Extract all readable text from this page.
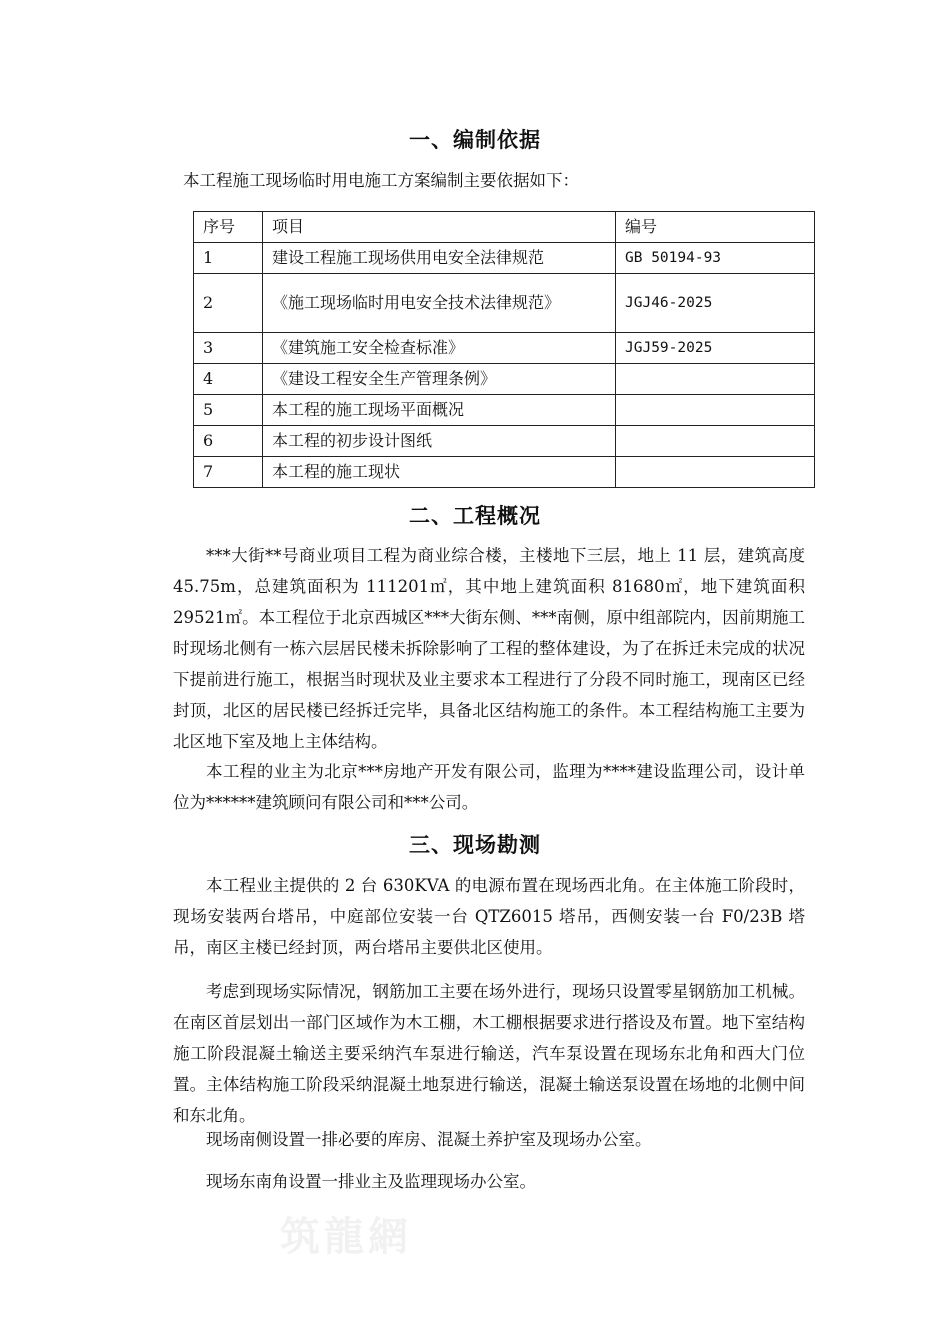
一、编制依据

本工程施工现场临时用电施工方案编制主要依据如下：

序号	项目	编号
1	建设工程施工现场供用电安全法律规范	GB 50194-93
2	《施工现场临时用电安全技术法律规范》	JGJ46-2025
3	《建筑施工安全检查标准》	JGJ59-2025
4	《建设工程安全生产管理条例》	
5	本工程的施工现场平面概况	
6	本工程的初步设计图纸	
7	本工程的施工现状	
二、工程概况

***大街**号商业项目工程为商业综合楼，主楼地下三层，地上 11 层，建筑高度 45.75m，总建筑面积为 111201㎡，其中地上建筑面积 81680㎡，地下建筑面积 29521㎡。本工程位于北京西城区***大街东侧、***南侧，原中组部院内，因前期施工时现场北侧有一栋六层居民楼未拆除影响了工程的整体建设，为了在拆迁未完成的状况下提前进行施工，根据当时现状及业主要求本工程进行了分段不同时施工，现南区已经封顶，北区的居民楼已经拆迁完毕，具备北区结构施工的条件。本工程结构施工主要为北区地下室及地上主体结构。

本工程的业主为北京***房地产开发有限公司，监理为****建设监理公司，设计单位为******建筑顾问有限公司和***公司。

三、现场勘测

本工程业主提供的 2 台 630KVA 的电源布置在现场西北角。在主体施工阶段时，现场安装两台塔吊，中庭部位安装一台 QTZ6015 塔吊，西侧安装一台 F0/23B 塔吊，南区主楼已经封顶，两台塔吊主要供北区使用。

考虑到现场实际情况，钢筋加工主要在场外进行，现场只设置零星钢筋加工机械。在南区首层划出一部门区域作为木工棚，木工棚根据要求进行搭设及布置。地下室结构施工阶段混凝土输送主要采纳汽车泵进行输送，汽车泵设置在现场东北角和西大门位置。主体结构施工阶段采纳混凝土地泵进行输送，混凝土输送泵设置在场地的北侧中间和东北角。

现场南侧设置一排必要的库房、混凝土养护室及现场办公室。

现场东南角设置一排业主及监理现场办公室。

筑龍網
